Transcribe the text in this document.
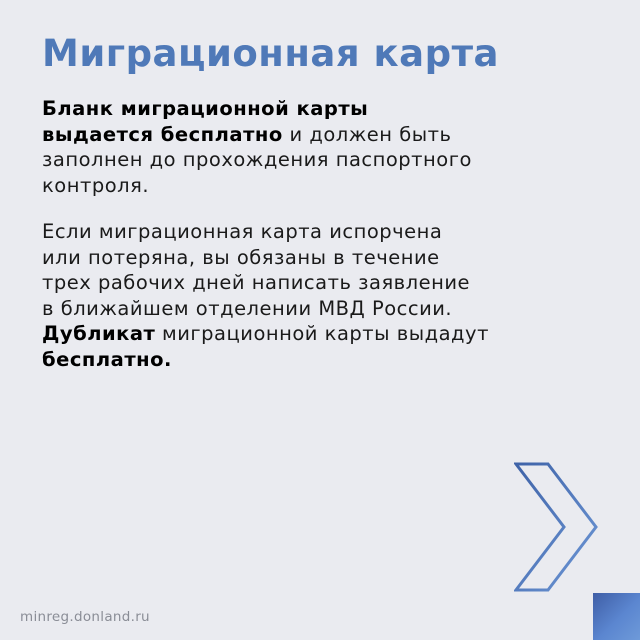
Миграционная карта

Бланк миграционной карты
выдается бесплатно и должен быть
заполнен до прохождения паспортного
контроля.

Если миграционная карта испорчена
или потеряна, вы обязаны в течение
трех рабочих дней написать заявление
в ближайшем отделении МВД России.
Дубликат миграционной карты выдадут
бесплатно.

minreg.donland.ru
